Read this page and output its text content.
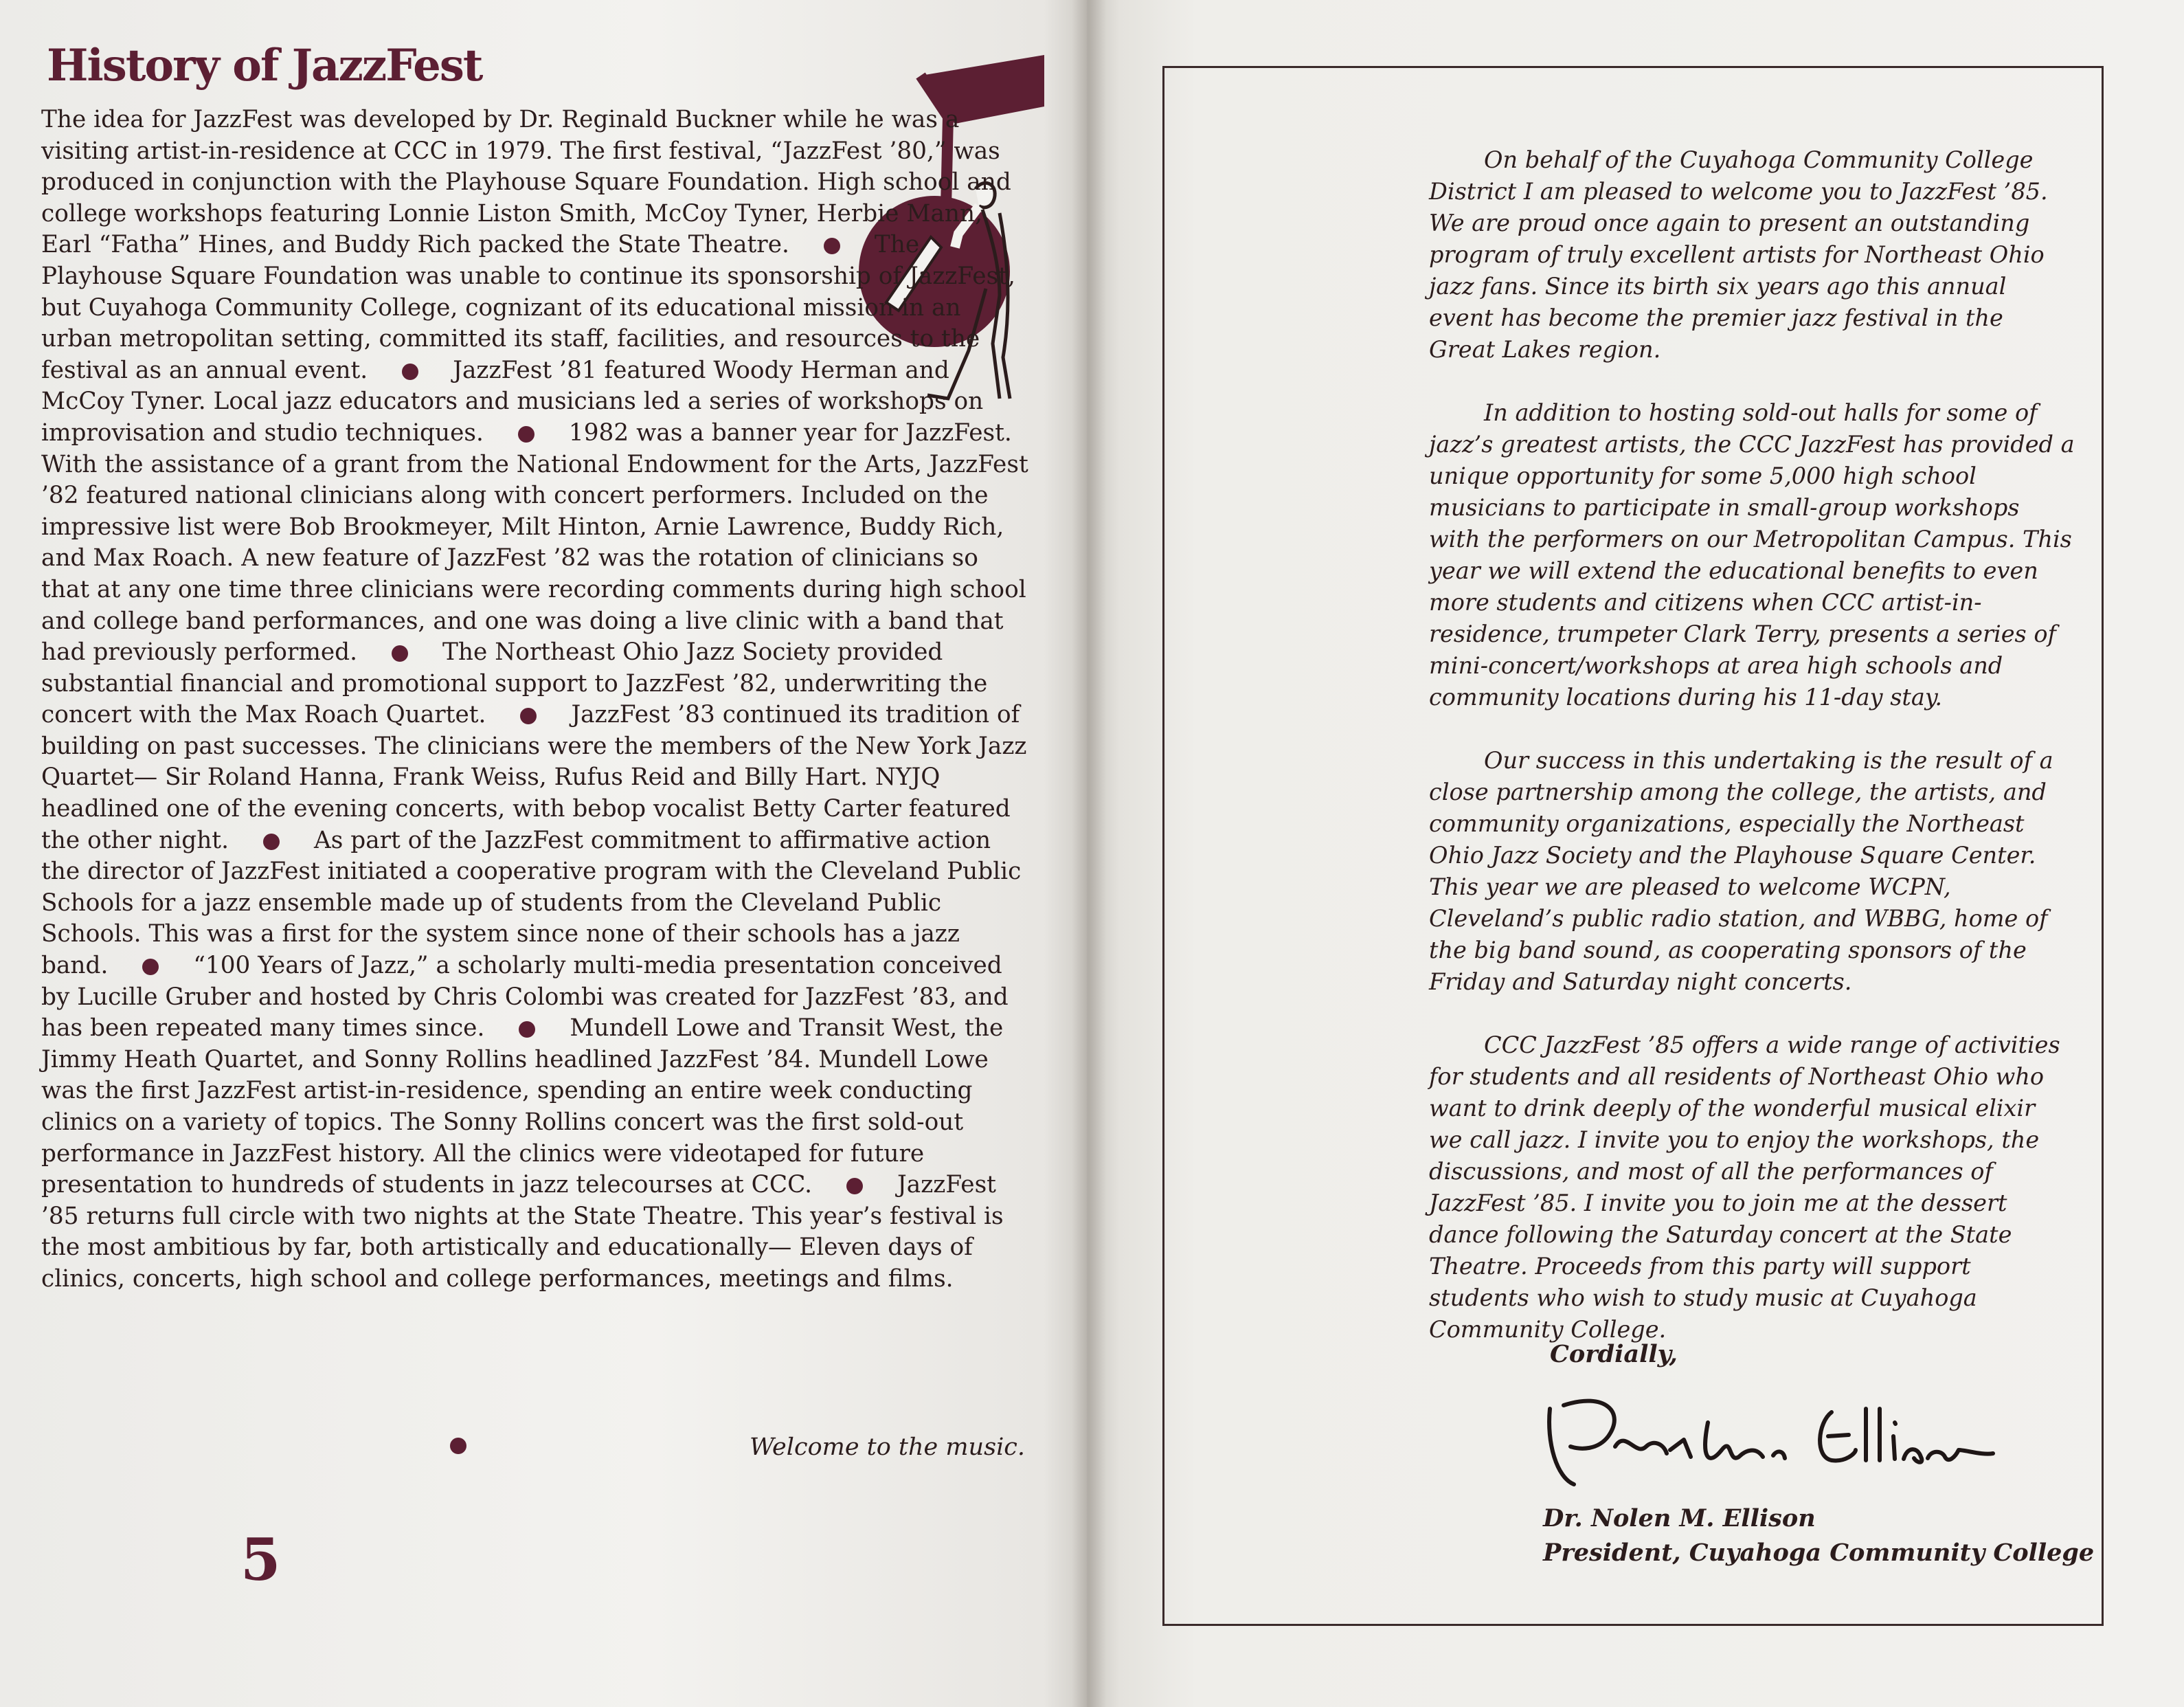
History of JazzFest
The idea for JazzFest was developed by Dr. Reginald Buckner while he was a visiting artist-in-residence at CCC in 1979. The first festival, “JazzFest ’80,” was produced in conjunction with the Playhouse Square Foundation. High school and college workshops featuring Lonnie Liston Smith, McCoy Tyner, Herbie Mann, Earl “Fatha” Hines, and Buddy Rich packed the State Theatre.	The Playhouse Square Foundation was unable to continue its sponsorship of JazzFest, but Cuyahoga Community College, cognizant of its educational mission in an urban metropolitan setting, committed its staff, facilities, and resources to the festival as an annual event.	JazzFest ’81 featured Woody Herman and McCoy Tyner. Local jazz educators and musicians led a series of workshops on improvisation and studio techniques.	1982 was a banner year for JazzFest. With the assistance of a grant from the National Endowment for the Arts, JazzFest ’82 featured national clinicians along with concert performers. Included on the impressive list were Bob Brookmeyer, Milt Hinton, Arnie Lawrence, Buddy Rich, and Max Roach. A new feature of JazzFest ’82 was the rotation of clinicians so that at any one time three clinicians were recording comments during high school and college band performances, and one was doing a live clinic with a band that had previously performed.	The Northeast Ohio Jazz Society provided substantial financial and promotional support to JazzFest ’82, underwriting the concert with the Max Roach Quartet.	JazzFest ’83 continued its tradition of building on past successes. The clinicians were the members of the New York Jazz Quartet— Sir Roland Hanna, Frank Weiss, Rufus Reid and Billy Hart. NYJQ headlined one of the evening concerts, with bebop vocalist Betty Carter featured the other night.	As part of the JazzFest commitment to affirmative action the director of JazzFest initiated a cooperative program with the Cleveland Public Schools for a jazz ensemble made up of students from the Cleveland Public Schools. This was a first for the system since none of their schools has a jazz band.	“100 Years of Jazz,” a scholarly multi-media presentation conceived by Lucille Gruber and hosted by Chris Colombi was created for JazzFest ’83, and has been repeated many times since.	Mundell Lowe and Transit West, the Jimmy Heath Quartet, and Sonny Rollins headlined JazzFest ’84. Mundell Lowe was the first JazzFest artist-in-residence, spending an entire week conducting clinics on a variety of topics. The Sonny Rollins concert was the first sold-out performance in JazzFest history. All the clinics were videotaped for future presentation to hundreds of students in jazz telecourses at CCC.	JazzFest ’85 returns full circle with two nights at the State Theatre. This year’s festival is the most ambitious by far, both artistically and educationally— Eleven days of clinics, concerts, high school and college performances, meetings and films.
Welcome to the music.
5

On behalf of the Cuyahoga Community College District I am pleased to welcome you to JazzFest ’85. We are proud once again to present an outstanding program of truly excellent artists for Northeast Ohio jazz fans. Since its birth six years ago this annual event has become the premier jazz festival in the Great Lakes region.

In addition to hosting sold-out halls for some of jazz’s greatest artists, the CCC JazzFest has provided a unique opportunity for some 5,000 high school musicians to participate in small-group workshops with the performers on our Metropolitan Campus. This year we will extend the educational benefits to even more students and citizens when CCC artist-in-residence, trumpeter Clark Terry, presents a series of mini-concert/workshops at area high schools and community locations during his 11-day stay.

Our success in this undertaking is the result of a close partnership among the college, the artists, and community organizations, especially the Northeast Ohio Jazz Society and the Playhouse Square Center. This year we are pleased to welcome WCPN, Cleveland’s public radio station, and WBBG, home of the big band sound, as cooperating sponsors of the Friday and Saturday night concerts.

CCC JazzFest ’85 offers a wide range of activities for students and all residents of Northeast Ohio who want to drink deeply of the wonderful musical elixir we call jazz. I invite you to enjoy the workshops, the discussions, and most of all the performances of JazzFest ’85. I invite you to join me at the dessert dance following the Saturday concert at the State Theatre. Proceeds from this party will support students who wish to study music at Cuyahoga Community College.

Cordially,
Dr. Nolen M. Ellison
President, Cuyahoga Community College
